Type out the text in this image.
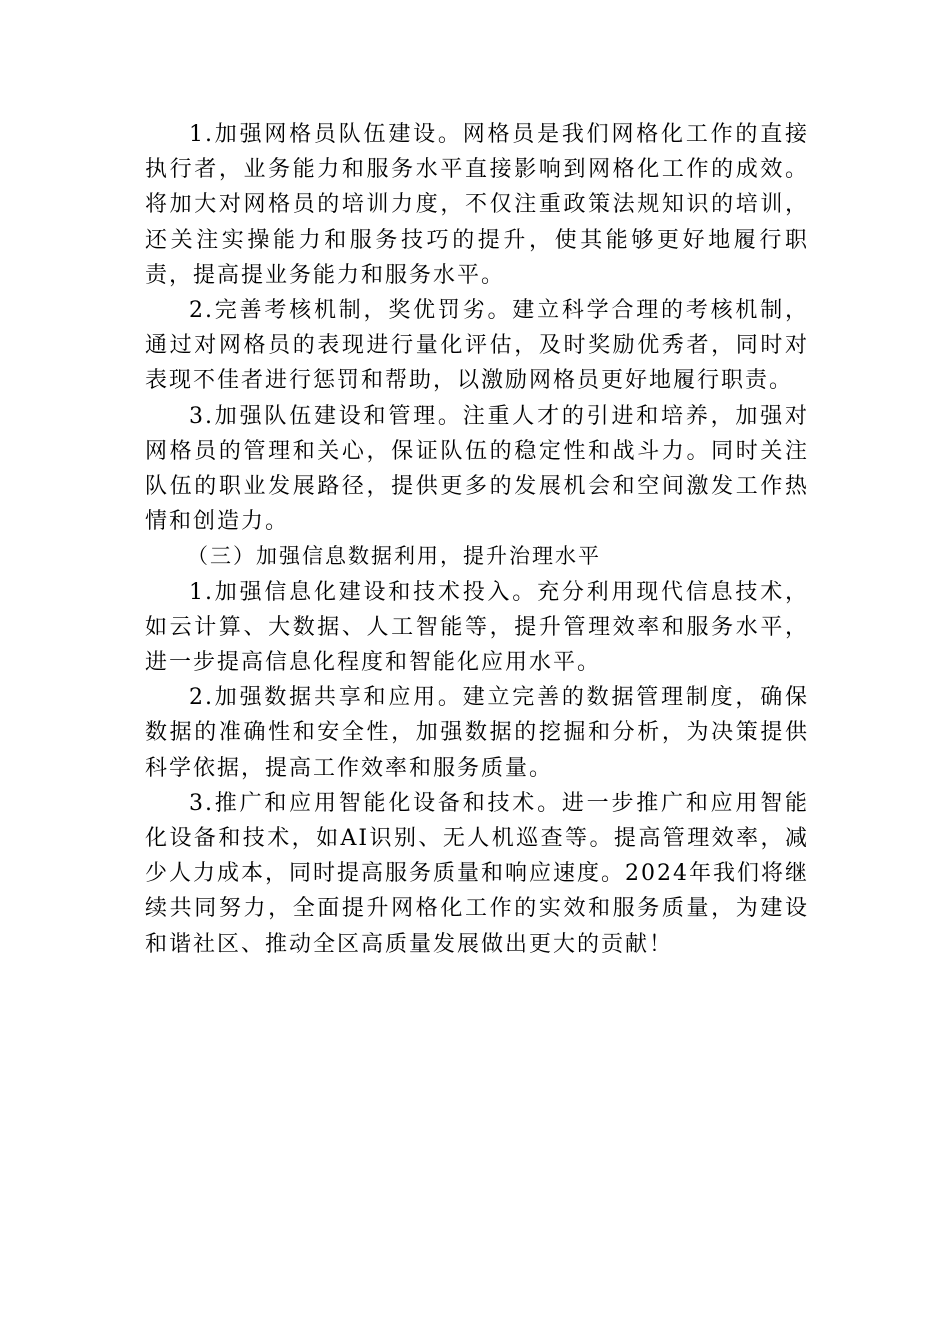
1.加强网格员队伍建设。网格员是我们网格化工作的直接执行者，业务能力和服务水平直接影响到网格化工作的成效。将加大对网格员的培训力度，不仅注重政策法规知识的培训，还关注实操能力和服务技巧的提升，使其能够更好地履行职责，提高提业务能力和服务水平。

2.完善考核机制，奖优罚劣。建立科学合理的考核机制，通过对网格员的表现进行量化评估，及时奖励优秀者，同时对表现不佳者进行惩罚和帮助，以激励网格员更好地履行职责。

3.加强队伍建设和管理。注重人才的引进和培养，加强对网格员的管理和关心，保证队伍的稳定性和战斗力。同时关注队伍的职业发展路径，提供更多的发展机会和空间激发工作热情和创造力。

（三）加强信息数据利用，提升治理水平

1.加强信息化建设和技术投入。充分利用现代信息技术，如云计算、大数据、人工智能等，提升管理效率和服务水平，进一步提高信息化程度和智能化应用水平。

2.加强数据共享和应用。建立完善的数据管理制度，确保数据的准确性和安全性，加强数据的挖掘和分析，为决策提供科学依据，提高工作效率和服务质量。

3.推广和应用智能化设备和技术。进一步推广和应用智能化设备和技术，如AI识别、无人机巡查等。提高管理效率，减少人力成本，同时提高服务质量和响应速度。2024年我们将继续共同努力，全面提升网格化工作的实效和服务质量，为建设和谐社区、推动全区高质量发展做出更大的贡献！
